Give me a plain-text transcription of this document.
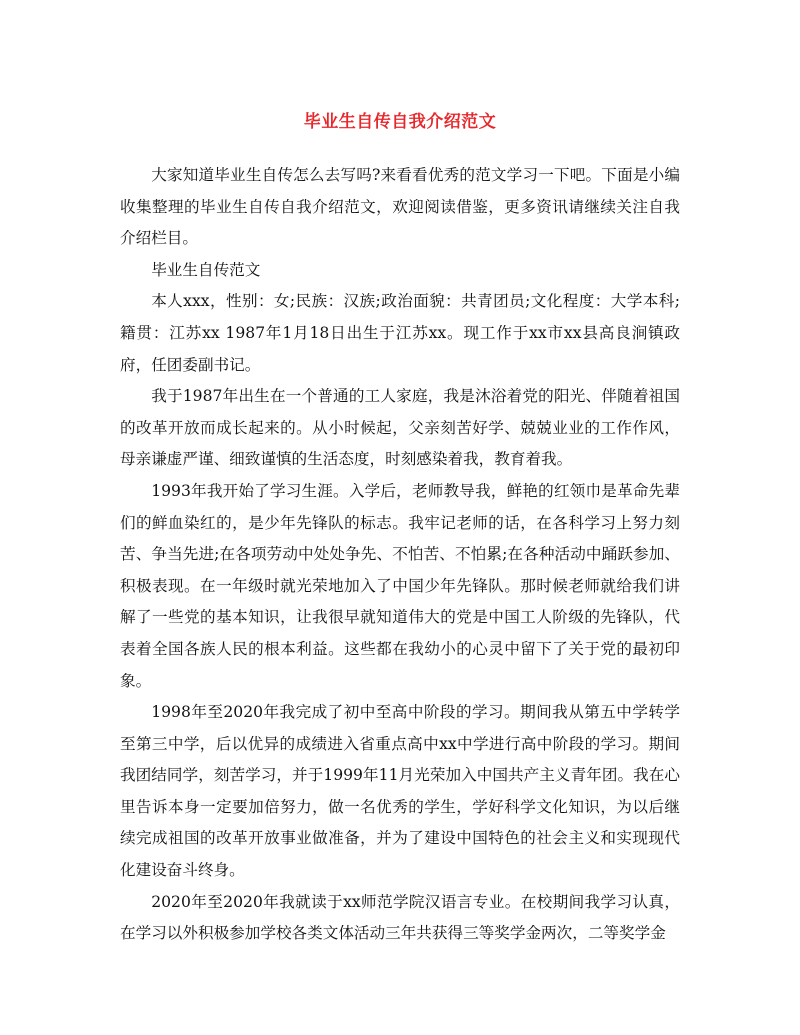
毕业生自传自我介绍范文

大家知道毕业生自传怎么去写吗?来看看优秀的范文学习一下吧。下面是小编收集整理的毕业生自传自我介绍范文，欢迎阅读借鉴，更多资讯请继续关注自我介绍栏目。

毕业生自传范文

本人xxx，性别：女;民族：汉族;政治面貌：共青团员;文化程度：大学本科;籍贯：江苏xx 1987年1月18日出生于江苏xx。现工作于xx市xx县高良涧镇政府，任团委副书记。

我于1987年出生在一个普通的工人家庭，我是沐浴着党的阳光、伴随着祖国的改革开放而成长起来的。从小时候起，父亲刻苦好学、兢兢业业的工作作风，母亲谦虚严谨、细致谨慎的生活态度，时刻感染着我，教育着我。

1993年我开始了学习生涯。入学后，老师教导我，鲜艳的红领巾是革命先辈们的鲜血染红的，是少年先锋队的标志。我牢记老师的话，在各科学习上努力刻苦、争当先进;在各项劳动中处处争先、不怕苦、不怕累;在各种活动中踊跃参加、积极表现。在一年级时就光荣地加入了中国少年先锋队。那时候老师就给我们讲解了一些党的基本知识，让我很早就知道伟大的党是中国工人阶级的先锋队，代表着全国各族人民的根本利益。这些都在我幼小的心灵中留下了关于党的最初印象。

1998年至2020年我完成了初中至高中阶段的学习。期间我从第五中学转学至第三中学，后以优异的成绩进入省重点高中xx中学进行高中阶段的学习。期间我团结同学，刻苦学习，并于1999年11月光荣加入中国共产主义青年团。我在心里告诉本身一定要加倍努力，做一名优秀的学生，学好科学文化知识，为以后继续完成祖国的改革开放事业做准备，并为了建设中国特色的社会主义和实现现代化建设奋斗终身。

2020年至2020年我就读于xx师范学院汉语言专业。在校期间我学习认真，在学习以外积极参加学校各类文体活动三年共获得三等奖学金两次，二等奖学金
